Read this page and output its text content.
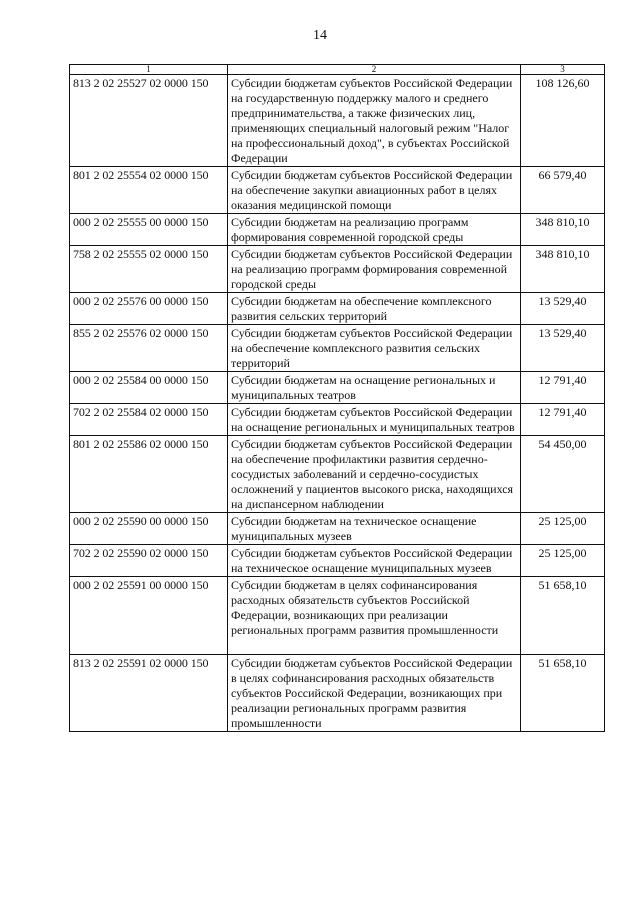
14
1	2	3
813 2 02 25527 02 0000 150	Субсидии бюджетам субъектов Российской Федерации на государственную поддержку малого и среднего предпринимательства, а также физических лиц, применяющих специальный налоговый режим "Налог на профессиональный доход", в субъектах Российской Федерации	108 126,60
801 2 02 25554 02 0000 150	Субсидии бюджетам субъектов Российской Федерации на обеспечение закупки авиационных работ в целях оказания медицинской помощи	66 579,40
000 2 02 25555 00 0000 150	Субсидии бюджетам на реализацию программ формирования современной городской среды	348 810,10
758 2 02 25555 02 0000 150	Субсидии бюджетам субъектов Российской Федерации на реализацию программ формирования современной городской среды	348 810,10
000 2 02 25576 00 0000 150	Субсидии бюджетам на обеспечение комплексного развития сельских территорий	13 529,40
855 2 02 25576 02 0000 150	Субсидии бюджетам субъектов Российской Федерации на обеспечение комплексного развития сельских территорий	13 529,40
000 2 02 25584 00 0000 150	Субсидии бюджетам на оснащение региональных и муниципальных театров	12 791,40
702 2 02 25584 02 0000 150	Субсидии бюджетам субъектов Российской Федерации на оснащение региональных и муниципальных театров	12 791,40
801 2 02 25586 02 0000 150	Субсидии бюджетам субъектов Российской Федерации на обеспечение профилактики развития сердечно-сосудистых заболеваний и сердечно-сосудистых осложнений у пациентов высокого риска, находящихся на диспансерном наблюдении	54 450,00
000 2 02 25590 00 0000 150	Субсидии бюджетам на техническое оснащение муниципальных музеев	25 125,00
702 2 02 25590 02 0000 150	Субсидии бюджетам субъектов Российской Федерации на техническое оснащение муниципальных музеев	25 125,00
000 2 02 25591 00 0000 150	Субсидии бюджетам в целях софинансирования расходных обязательств субъектов Российской Федерации, возникающих при реализации региональных программ развития промышленности	51 658,10
813 2 02 25591 02 0000 150	Субсидии бюджетам субъектов Российской Федерации в целях софинансирования расходных обязательств субъектов Российской Федерации, возникающих при реализации региональных программ развития промышленности	51 658,10
